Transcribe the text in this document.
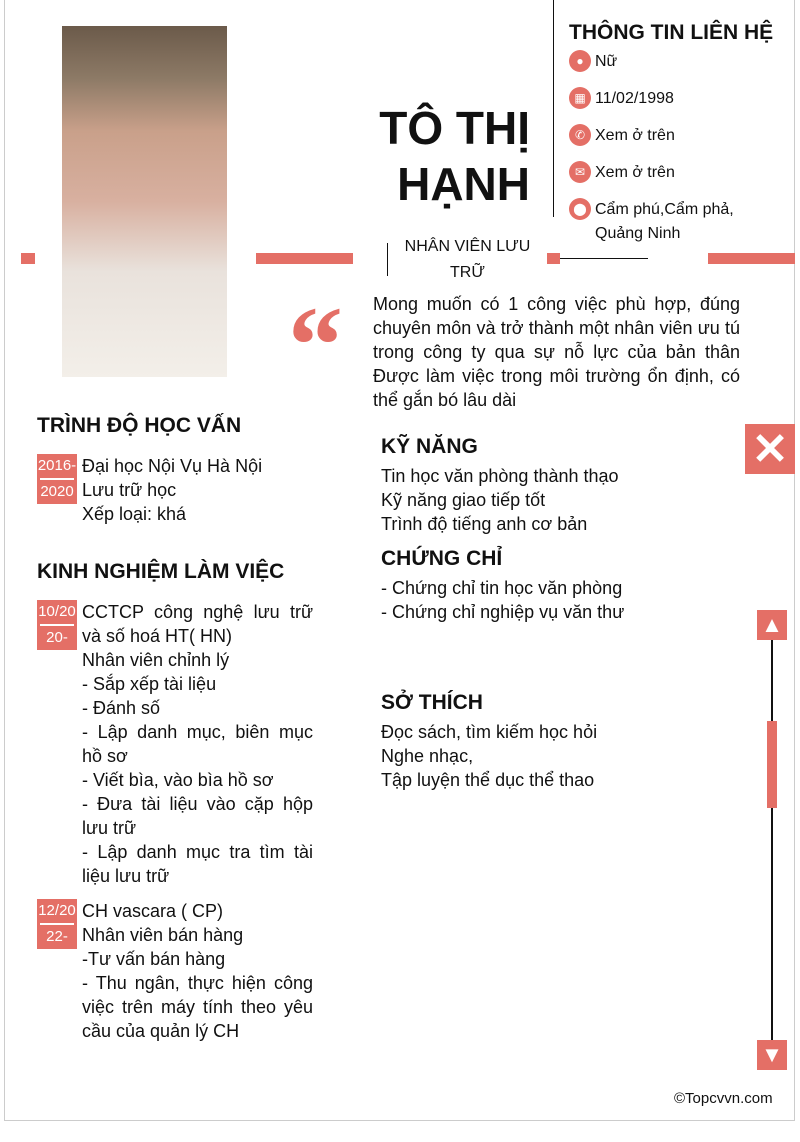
TÔ THỊ HẠNH
NHÂN VIÊN LƯU TRỮ
THÔNG TIN LIÊN HỆ
● Nữ
▦ 11/02/1998
✆ Xem ở trên
✉ Xem ở trên
⬤ Cẩm phú,Cẩm phả, Quảng Ninh
“ Mong muốn có 1 công việc phù hợp, đúng chuyên môn và trở thành một nhân viên ưu tú trong công ty qua sự nỗ lực của bản thân Được làm việc trong môi trường ổn định, có thể gắn bó lâu dài
TRÌNH ĐỘ HỌC VẤN
2016-
2020
Đại học Nội Vụ Hà Nội
Lưu trữ học
Xếp loại: khá
KINH NGHIỆM LÀM VIỆC
10/20
20-
CCTCP công nghệ lưu trữ và số hoá HT( HN)
Nhân viên chỉnh lý
- Sắp xếp tài liệu
- Đánh số
- Lập danh mục, biên mục hồ sơ
- Viết bìa, vào bìa hồ sơ
- Đưa tài liệu vào cặp hộp lưu trữ
- Lập danh mục tra tìm tài liệu lưu trữ
12/20
22-
CH vascara ( CP)
Nhân viên bán hàng
-Tư vấn bán hàng
- Thu ngân, thực hiện công việc trên máy tính theo yêu cầu của quản lý CH
KỸ NĂNG
Tin học văn phòng thành thạo
Kỹ năng giao tiếp tốt
Trình độ tiếng anh cơ bản
CHỨNG CHỈ
- Chứng chỉ tin học văn phòng
- Chứng chỉ nghiệp vụ văn thư
SỞ THÍCH
Đọc sách, tìm kiếm học hỏi
Nghe nhạc,
Tập luyện thể dục thể thao
✕
▲
▼
©Topcvvn.com
